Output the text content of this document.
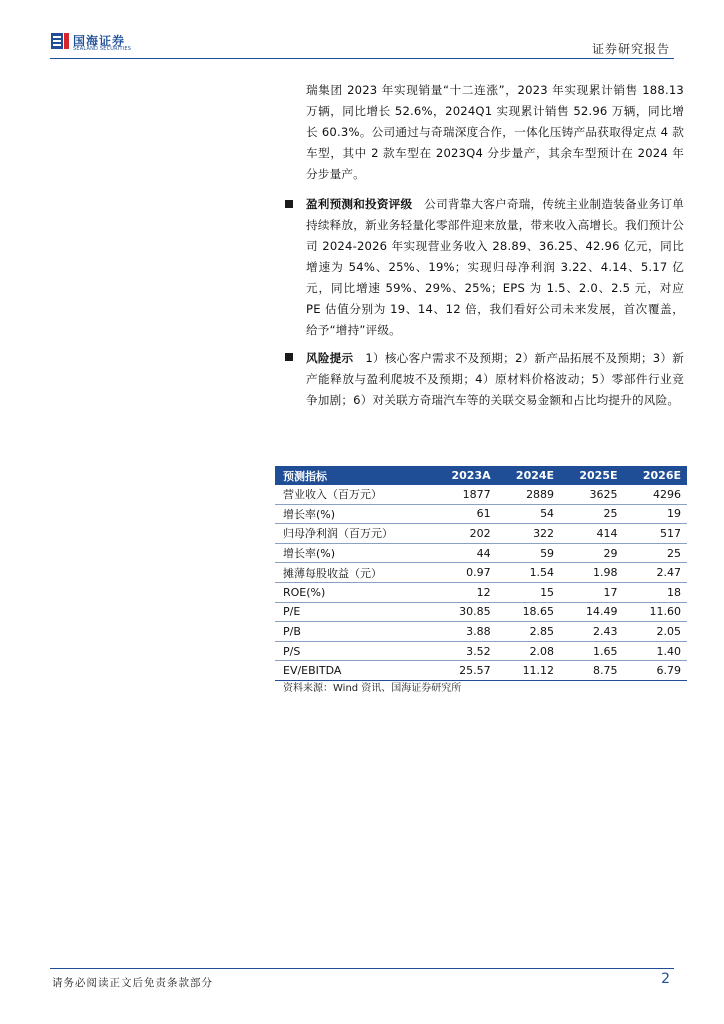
国海证券
SEALAND SECURITIES	证券研究报告
瑞集团 2023 年实现销量“十二连涨”，2023 年实现累计销售 188.13 万辆，同比增长 52.6%，2024Q1 实现累计销售 52.96 万辆，同比增长 60.3%。公司通过与奇瑞深度合作，一体化压铸产品获取得定点 4 款车型，其中 2 款车型在 2023Q4 分步量产，其余车型预计在 2024 年分步量产。
盈利预测和投资评级 公司背靠大客户奇瑞，传统主业制造装备业务订单持续释放，新业务轻量化零部件迎来放量，带来收入高增长。我们预计公司 2024-2026 年实现营业务收入 28.89、36.25、42.96 亿元，同比增速为 54%、25%、19%；实现归母净利润 3.22、4.14、5.17 亿元，同比增速 59%、29%、25%；EPS 为 1.5、2.0、2.5 元，对应 PE 估值分别为 19、14、12 倍，我们看好公司未来发展，首次覆盖，给予“增持”评级。
风险提示 1）核心客户需求不及预期；2）新产品拓展不及预期；3）新产能释放与盈利爬坡不及预期；4）原材料价格波动；5）零部件行业竞争加剧；6）对关联方奇瑞汽车等的关联交易金额和占比均提升的风险。
预测指标	2023A	2024E	2025E	2026E
营业收入（百万元）	1877	2889	3625	4296
增长率(%)	61	54	25	19
归母净利润（百万元）	202	322	414	517
增长率(%)	44	59	29	25
摊薄每股收益（元）	0.97	1.54	1.98	2.47
ROE(%)	12	15	17	18
P/E	30.85	18.65	14.49	11.60
P/B	3.88	2.85	2.43	2.05
P/S	3.52	2.08	1.65	1.40
EV/EBITDA	25.57	11.12	8.75	6.79
资料来源：Wind 资讯、国海证券研究所
请务必阅读正文后免责条款部分	2
